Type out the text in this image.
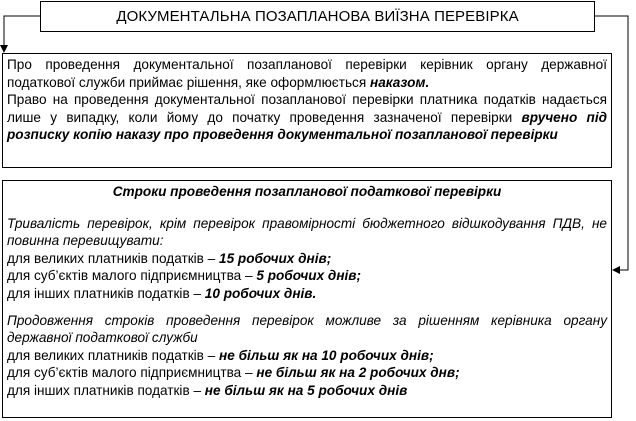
ДОКУМЕНТАЛЬНА ПОЗАПЛАНОВА ВИЇЗНА ПЕРЕВІРКА

Про проведення документальної позапланової перевірки керівник органу державної податкової служби приймає рішення, яке оформлюється наказом.

Право на проведення документальної позапланової перевірки платника податків надається лише у випадку, коли йому до початку проведення зазначеної перевірки вручено під розписку копію наказу про проведення документальної позапланової перевірки

Строки проведення позапланової податкової перевірки

Тривалість перевірок, крім перевірок правомірності бюджетного відшкодування ПДВ, не повинна перевищувати:

для великих платників податків – 15 робочих днів;
для суб’єктів малого підприємництва – 5 робочих днів;
для інших платників податків – 10 робочих днів.

Продовження строків проведення перевірок можливе за рішенням керівника органу державної податкової служби

для великих платників податків – не більш як на 10 робочих днів;
для суб’єктів малого підприємництва – не більш як на 2 робочих днв;
для інших платників податків – не більш як на 5 робочих днів
